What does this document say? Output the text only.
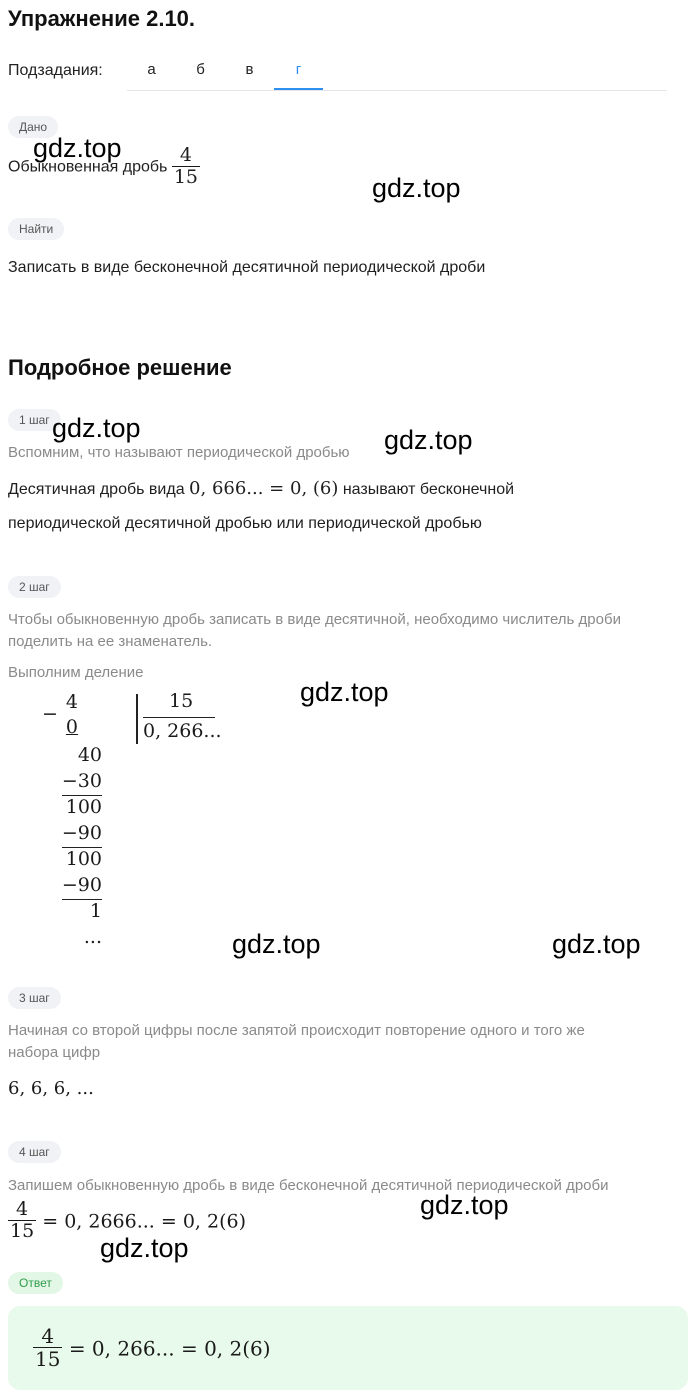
Упражнение 2.10.
Подзадания:	а	б	в	г
Дано
Обыкновенная дробь $\frac{4}{15}$
Найти
Записать в виде бесконечной десятичной периодической дроби
Подробное решение
1 шаг
Вспомним, что называют периодической дробью
Десятичная дробь вида 0, 666... = 0, (6) называют бесконечной
периодической десятичной дробью или периодической дробью
2 шаг
Чтобы обыкновенную дробь записать в виде десятичной, необходимо числитель дроби
поделить на ее знаменатель.
Выполним деление
−
4
0
15
0, 266...
40
−30
100
−90
100
−90
1
...
3 шаг
Начиная со второй цифры после запятой происходит повторение одного и того же
набора цифр
6, 6, 6, ...
4 шаг
Запишем обыкновенную дробь в виде бесконечной десятичной периодической дроби
$\frac{4}{15} = 0$, 2666... = 0, 2(6)
Ответ
$\frac{4}{15} = 0$, 266... = 0, 2(6)
gdz.top
gdz.top
gdz.top	gdz.top
gdz.top
gdz.top	gdz.top
gdz.top
gdz.top
